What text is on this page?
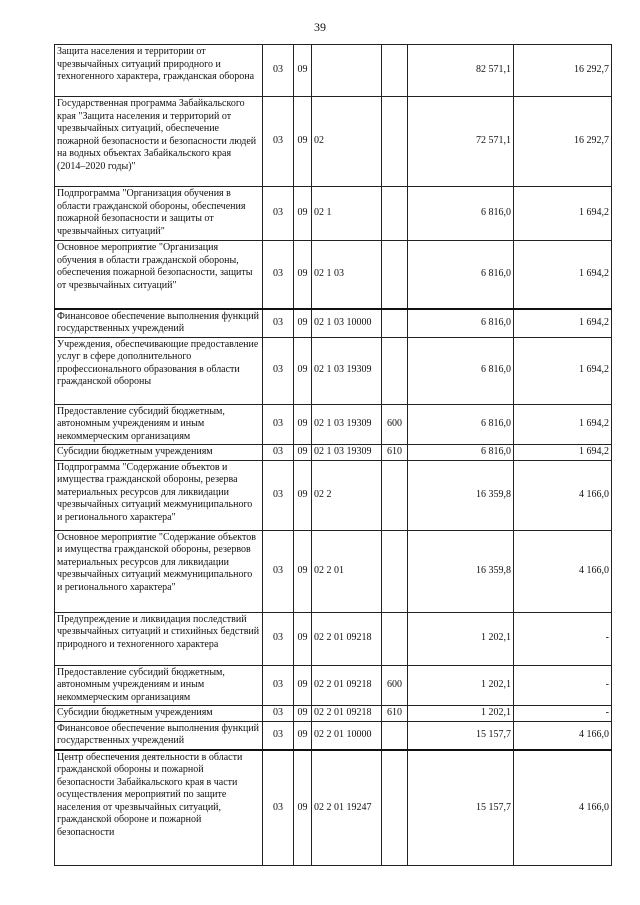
39
Защита населения и территории от чрезвычайных ситуаций природного и техногенного характера, гражданская оборона	03	09			82 571,1	16 292,7
Государственная программа Забайкальского края "Защита населения и территорий от чрезвычайных ситуаций, обеспечение пожарной безопасности и безопасности людей на водных объектах Забайкальского края (2014–2020 годы)"	03	09	02		72 571,1	16 292,7
Подпрограмма "Организация обучения в области гражданской обороны, обеспечения пожарной безопасности и защиты от чрезвычайных ситуаций"	03	09	02 1		6 816,0	1 694,2
Основное мероприятие "Организация обучения в области гражданской обороны, обеспечения пожарной безопасности, защиты от чрезвычайных ситуаций"	03	09	02 1 03		6 816,0	1 694,2
Финансовое обеспечение выполнения функций государственных учреждений	03	09	02 1 03 10000		6 816,0	1 694,2
Учреждения, обеспечивающие предоставление услуг в сфере дополнительного профессионального образования в области гражданской обороны	03	09	02 1 03 19309		6 816,0	1 694,2
Предоставление субсидий бюджетным, автономным учреждениям и иным некоммерческим организациям	03	09	02 1 03 19309	600	6 816,0	1 694,2
Субсидии бюджетным учреждениям	03	09	02 1 03 19309	610	6 816,0	1 694,2
Подпрограмма "Содержание объектов и имущества гражданской обороны, резерва материальных ресурсов для ликвидации чрезвычайных ситуаций межмуниципального и регионального характера"	03	09	02 2		16 359,8	4 166,0
Основное мероприятие "Содержание объектов и имущества гражданской обороны, резервов материальных ресурсов для ликвидации чрезвычайных ситуаций межмуниципального и регионального характера"	03	09	02 2 01		16 359,8	4 166,0
Предупреждение и ликвидация последствий чрезвычайных ситуаций и стихийных бедствий природного и техногенного характера	03	09	02 2 01 09218		1 202,1	-
Предоставление субсидий бюджетным, автономным учреждениям и иным некоммерческим организациям	03	09	02 2 01 09218	600	1 202,1	-
Субсидии бюджетным учреждениям	03	09	02 2 01 09218	610	1 202,1	-
Финансовое обеспечение выполнения функций государственных учреждений	03	09	02 2 01 10000		15 157,7	4 166,0
Центр обеспечения деятельности в области гражданской обороны и пожарной безопасности Забайкальского края в части осуществления мероприятий по защите населения от чрезвычайных ситуаций, гражданской обороне и пожарной безопасности	03	09	02 2 01 19247		15 157,7	4 166,0
